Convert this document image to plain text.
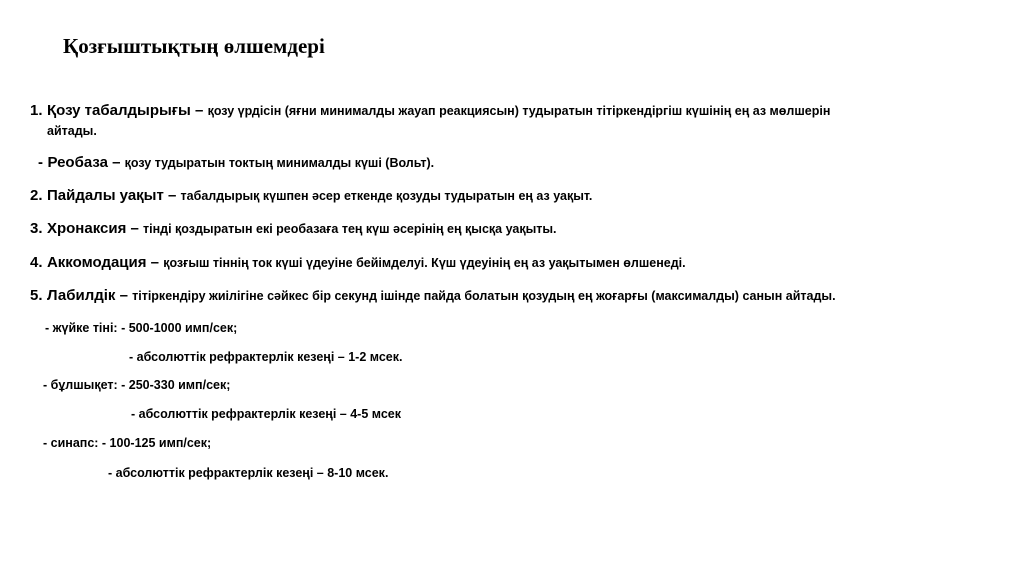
Қозғыштықтың өлшемдері
1. Қозу табалдырығы – қозу үрдісін (яғни минималды жауап реакциясын) тудыратын тітіркендіргіш күшінің ең аз мөлшерін
айтады.
- Реобаза – қозу тудыратын токтың минималды күші (Вольт).
2. Пайдалы уақыт – табалдырық күшпен әсер еткенде қозуды тудыратын ең аз уақыт.
3. Хронаксия – тінді қоздыратын екі реобазаға тең күш әсерінің ең қысқа уақыты.
4. Аккомодация – қозғыш тіннің ток күші үдеуіне бейімделуі. Күш үдеуінің ең аз уақытымен өлшенеді.
5. Лабилдік – тітіркендіру жиілігіне сәйкес бір секунд ішінде пайда болатын қозудың ең жоғарғы (максималды) санын айтады.
- жүйке тіні: - 500-1000 имп/сек;
- абсолюттік рефрактерлік кезеңі – 1-2 мсек.
- бұлшықет: - 250-330 имп/сек;
- абсолюттік рефрактерлік кезеңі – 4-5 мсек
- синапс: - 100-125 имп/сек;
- абсолюттік рефрактерлік кезеңі – 8-10 мсек.
